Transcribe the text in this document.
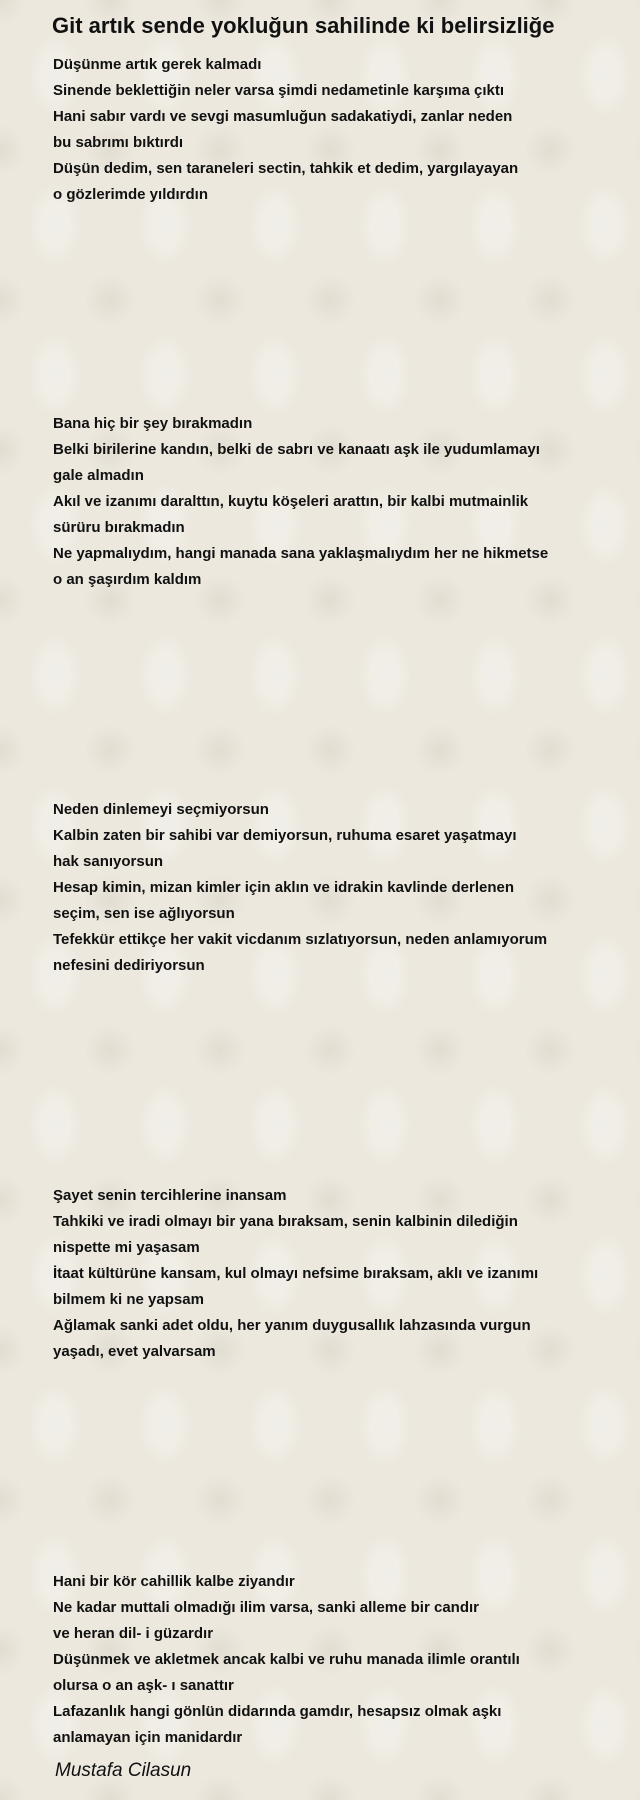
Git artık sende yokluğun sahilinde ki belirsizliğe
Düşünme artık gerek kalmadı
Sinende beklettiğin neler varsa şimdi nedametinle karşıma çıktı
Hani sabır vardı ve sevgi masumluğun sadakatiydi, zanlar neden
bu sabrımı bıktırdı
Düşün dedim, sen taraneleri sectin, tahkik et dedim, yargılayayan
o gözlerimde yıldırdın
Bana hiç bir şey bırakmadın
Belki birilerine kandın, belki de sabrı ve kanaatı aşk ile yudumlamayı
gale almadın
Akıl ve izanımı daralttın, kuytu köşeleri arattın, bir kalbi mutmainlik
sürüru bırakmadın
Ne yapmalıydım, hangi manada sana yaklaşmalıydım her ne hikmetse
o an şaşırdım kaldım
Neden dinlemeyi seçmiyorsun
Kalbin zaten bir sahibi var demiyorsun, ruhuma esaret yaşatmayı
hak sanıyorsun
Hesap kimin, mizan kimler için aklın ve idrakin kavlinde derlenen
seçim, sen ise ağlıyorsun
Tefekkür ettikçe her vakit vicdanım sızlatıyorsun, neden anlamıyorum
nefesini dediriyorsun
Şayet senin tercihlerine inansam
Tahkiki ve iradi olmayı bir yana bıraksam, senin kalbinin dilediğin
nispette mi yaşasam
İtaat kültürüne kansam, kul olmayı nefsime bıraksam, aklı ve izanımı
bilmem ki ne yapsam
Ağlamak sanki adet oldu, her yanım duygusallık lahzasında vurgun
yaşadı, evet yalvarsam
Hani bir kör cahillik kalbe ziyandır
Ne kadar muttali olmadığı ilim varsa, sanki alleme bir candır
ve heran dil- i güzardır
Düşünmek ve akletmek ancak kalbi ve ruhu manada ilimle orantılı
olursa o an aşk- ı sanattır
Lafazanlık hangi gönlün didarında gamdır, hesapsız olmak aşkı
anlamayan için manidardır

Mustafa Cilasun
